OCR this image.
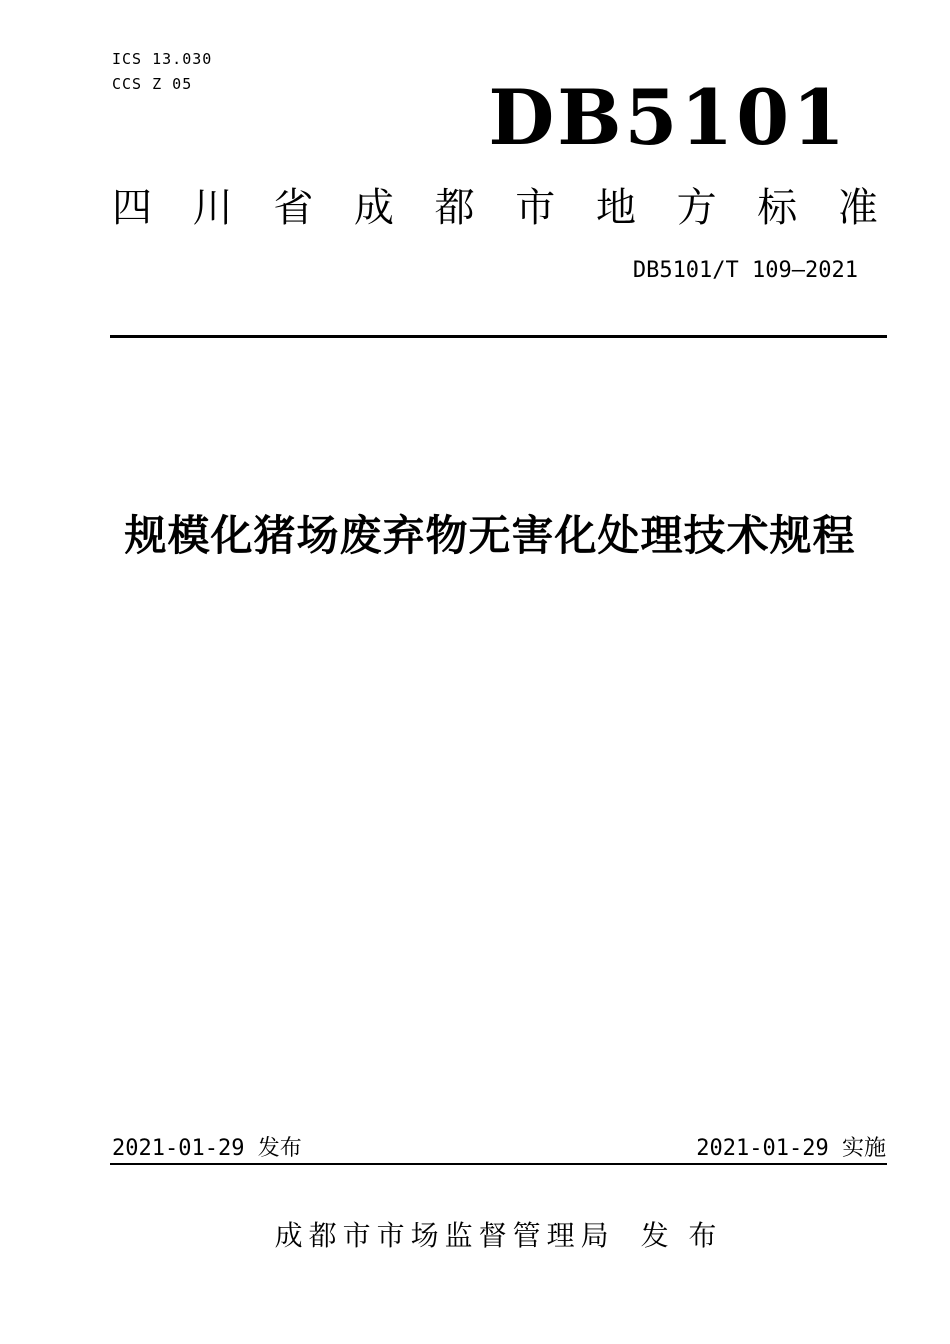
ICS 13.030
CCS Z 05	DB5101
四 川 省 成 都 市 地 方 标 准
DB5101/T 109—2021
规模化猪场废弃物无害化处理技术规程
2021-01-29 发布	2021-01-29 实施
成都市市场监督管理局 发 布
